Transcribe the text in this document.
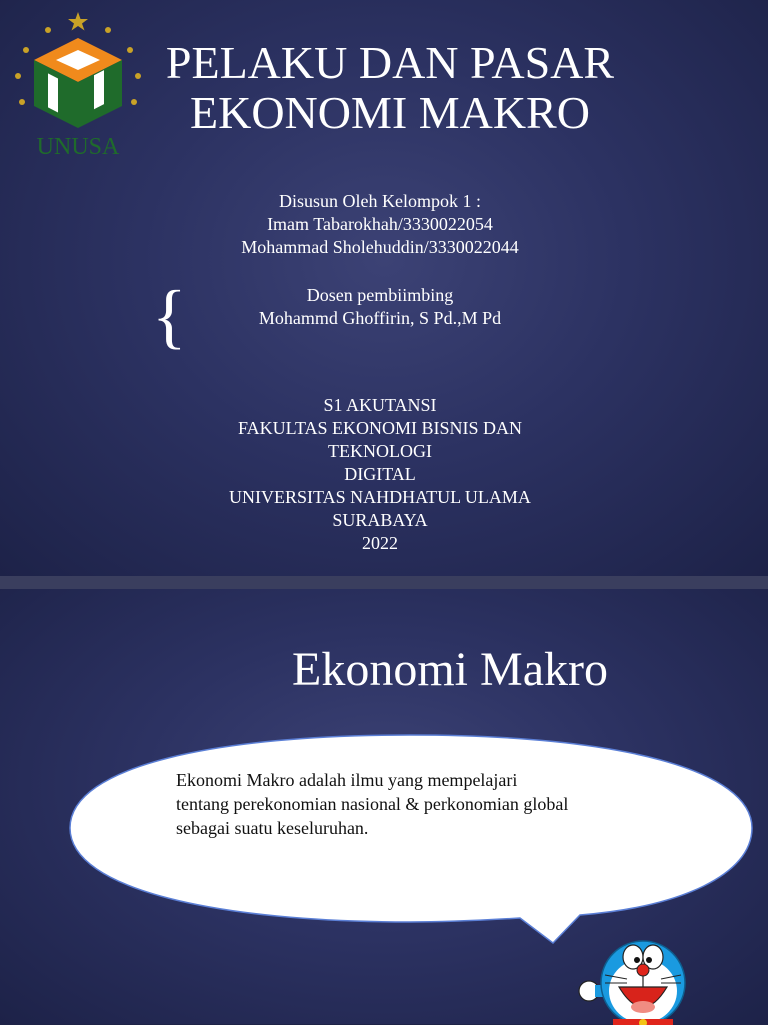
UNUSA
PELAKU DAN PASAR
EKONOMI MAKRO
Disusun Oleh Kelompok 1 :
Imam Tabarokhah/3330022054
Mohammad Sholehuddin/3330022044
{	Dosen pembiimbing
Mohammd Ghoffirin, S Pd.,M Pd
S1 AKUTANSI
FAKULTAS EKONOMI BISNIS DAN
TEKNOLOGI
DIGITAL
UNIVERSITAS NAHDHATUL ULAMA
SURABAYA
2022
Ekonomi Makro
Ekonomi Makro adalah ilmu yang mempelajari
tentang perekonomian nasional & perkonomian global
sebagai suatu keseluruhan.
